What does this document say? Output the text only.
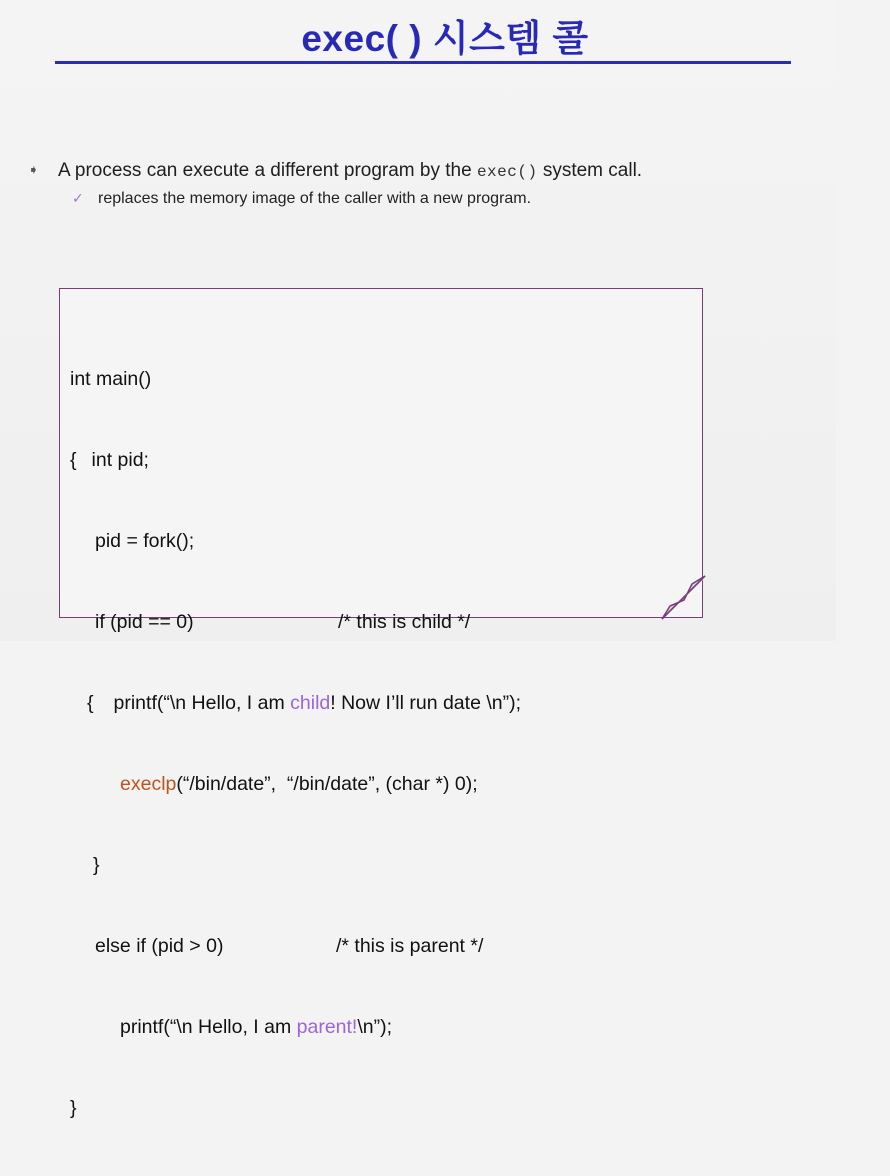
exec( ) 시스템 콜
➧ A process can execute a different program by the exec() system call.
✓ replaces the memory image of the caller with a new program.

int main()

{ int pid;

pid = fork();

if (pid == 0)	/* this is child */

{ printf(“\n Hello, I am child! Now I’ll run date \n”);

execlp(“/bin/date”,  “/bin/date”, (char *) 0);

}

else if (pid > 0)	/* this is parent */

printf(“\n Hello, I am parent!\n”);

}
